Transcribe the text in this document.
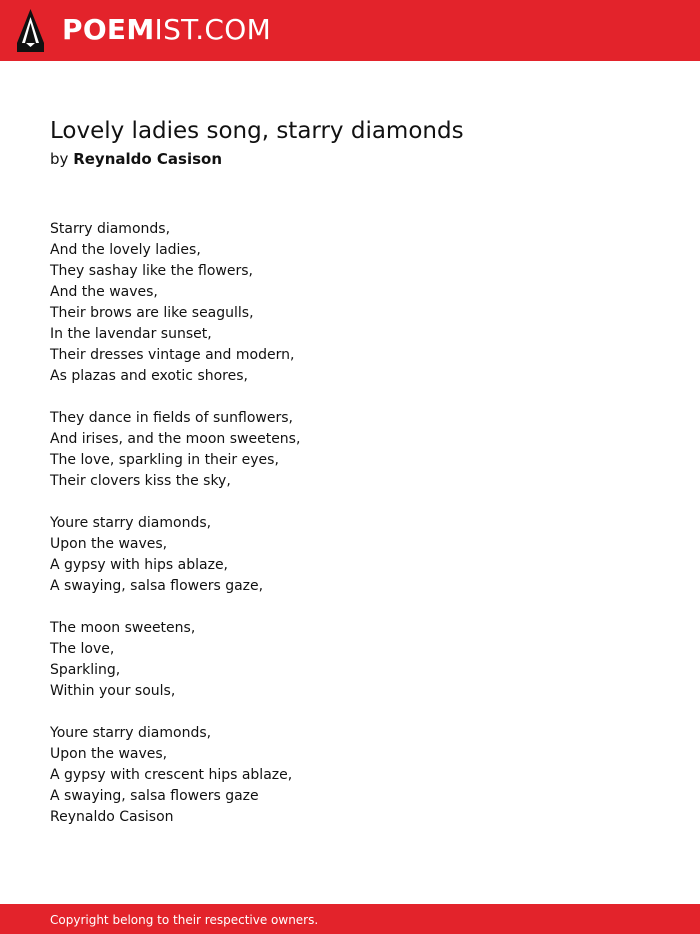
POEMIST.COM
Lovely ladies song, starry diamonds
by Reynaldo Casison
Starry diamonds,
And the lovely ladies,
They sashay like the flowers,
And the waves,
Their brows are like seagulls,
In the lavendar sunset,
Their dresses vintage and modern,
As plazas and exotic shores,
They dance in fields of sunflowers,
And irises, and the moon sweetens,
The love, sparkling in their eyes,
Their clovers kiss the sky,
Youre starry diamonds,
Upon the waves,
A gypsy with hips ablaze,
A swaying, salsa flowers gaze,
The moon sweetens,
The love,
Sparkling,
Within your souls,
Youre starry diamonds,
Upon the waves,
A gypsy with crescent hips ablaze,
A swaying, salsa flowers gaze
Reynaldo Casison
Copyright belong to their respective owners.
